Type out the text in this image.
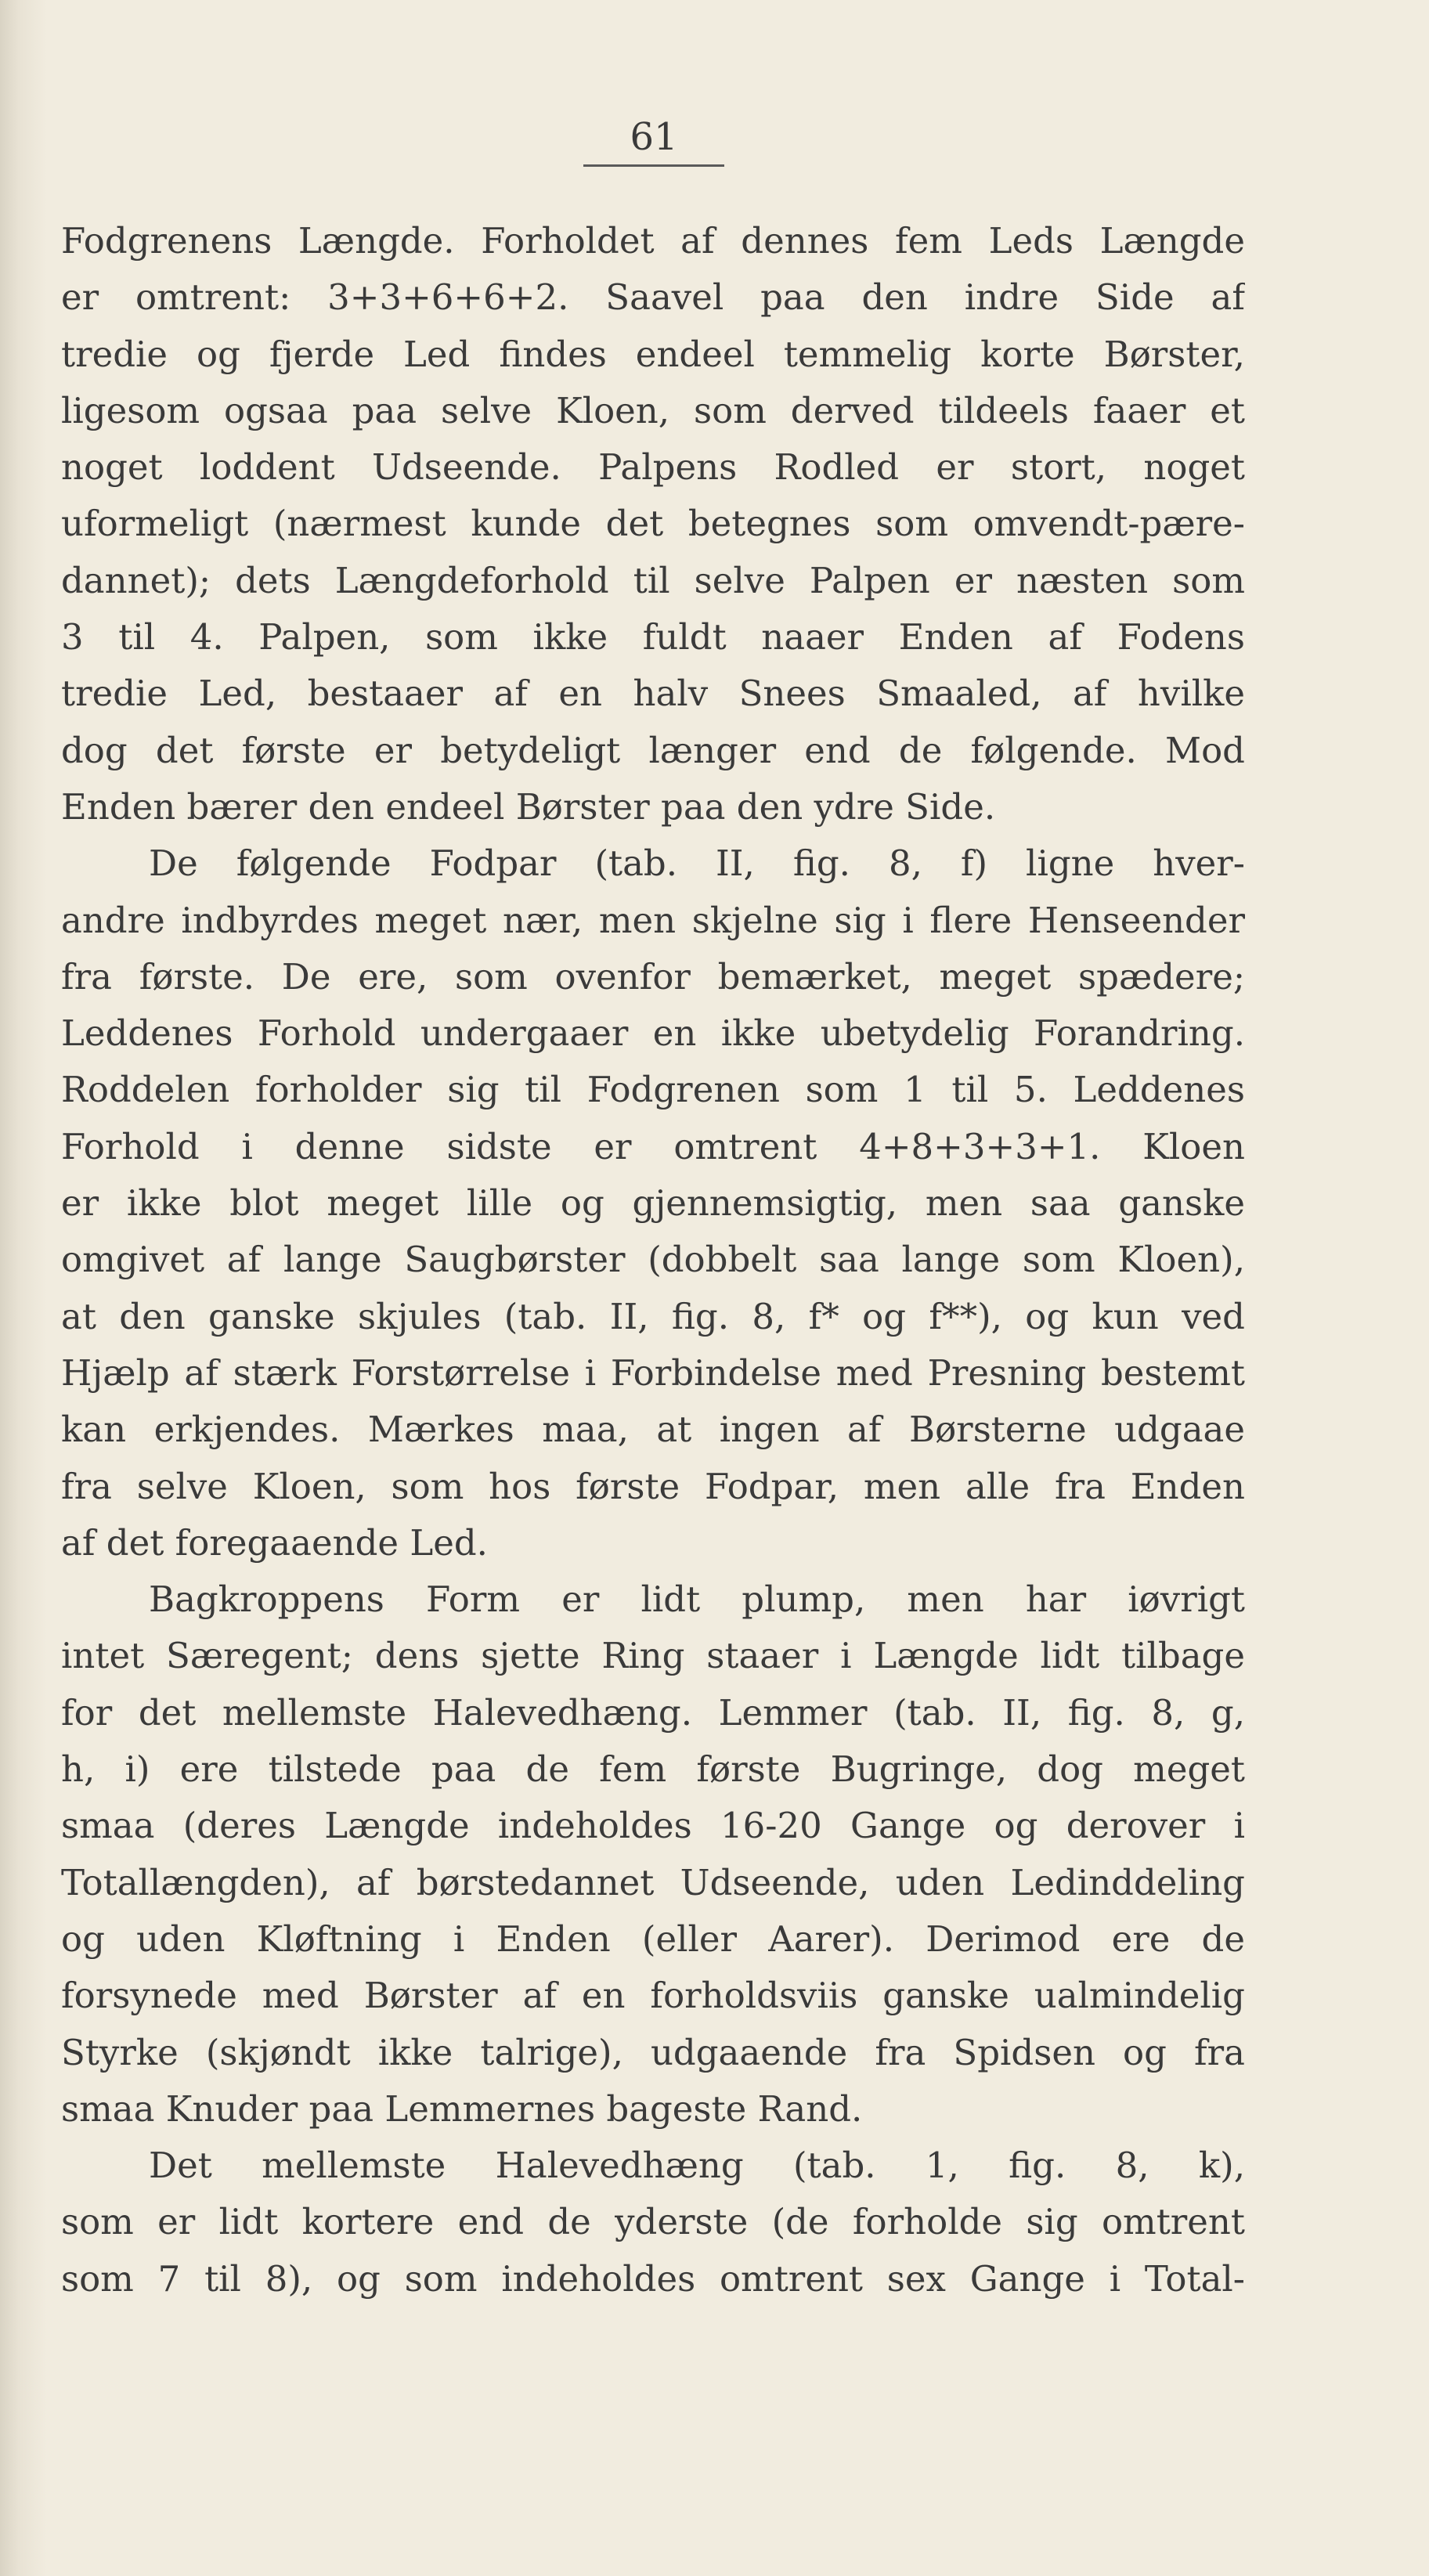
61
Fodgrenens Længde. Forholdet af dennes fem Leds Længde
er omtrent: 3+3+6+6+2. Saavel paa den indre Side af
tredie og fjerde Led findes endeel temmelig korte Børster,
ligesom ogsaa paa selve Kloen, som derved tildeels faaer et
noget loddent Udseende. Palpens Rodled er stort, noget
uformeligt (nærmest kunde det betegnes som omvendt-pære-
dannet); dets Længdeforhold til selve Palpen er næsten som
3 til 4. Palpen, som ikke fuldt naaer Enden af Fodens
tredie Led, bestaaer af en halv Snees Smaaled, af hvilke
dog det første er betydeligt længer end de følgende. Mod
Enden bærer den endeel Børster paa den ydre Side.
De følgende Fodpar (tab. II, fig. 8, f) ligne hver-
andre indbyrdes meget nær, men skjelne sig i flere Henseender
fra første. De ere, som ovenfor bemærket, meget spædere;
Leddenes Forhold undergaaer en ikke ubetydelig Forandring.
Roddelen forholder sig til Fodgrenen som 1 til 5. Leddenes
Forhold i denne sidste er omtrent 4+8+3+3+1. Kloen
er ikke blot meget lille og gjennemsigtig, men saa ganske
omgivet af lange Saugbørster (dobbelt saa lange som Kloen),
at den ganske skjules (tab. II, fig. 8, f* og f**), og kun ved
Hjælp af stærk Forstørrelse i Forbindelse med Presning bestemt
kan erkjendes. Mærkes maa, at ingen af Børsterne udgaae
fra selve Kloen, som hos første Fodpar, men alle fra Enden
af det foregaaende Led.
Bagkroppens Form er lidt plump, men har iøvrigt
intet Særegent; dens sjette Ring staaer i Længde lidt tilbage
for det mellemste Halevedhæng. Lemmer (tab. II, fig. 8, g,
h, i) ere tilstede paa de fem første Bugringe, dog meget
smaa (deres Længde indeholdes 16-20 Gange og derover i
Totallængden), af børstedannet Udseende, uden Ledinddeling
og uden Kløftning i Enden (eller Aarer). Derimod ere de
forsynede med Børster af en forholdsviis ganske ualmindelig
Styrke (skjøndt ikke talrige), udgaaende fra Spidsen og fra
smaa Knuder paa Lemmernes bageste Rand.
Det mellemste Halevedhæng (tab. 1, fig. 8, k),
som er lidt kortere end de yderste (de forholde sig omtrent
som 7 til 8), og som indeholdes omtrent sex Gange i Total-
